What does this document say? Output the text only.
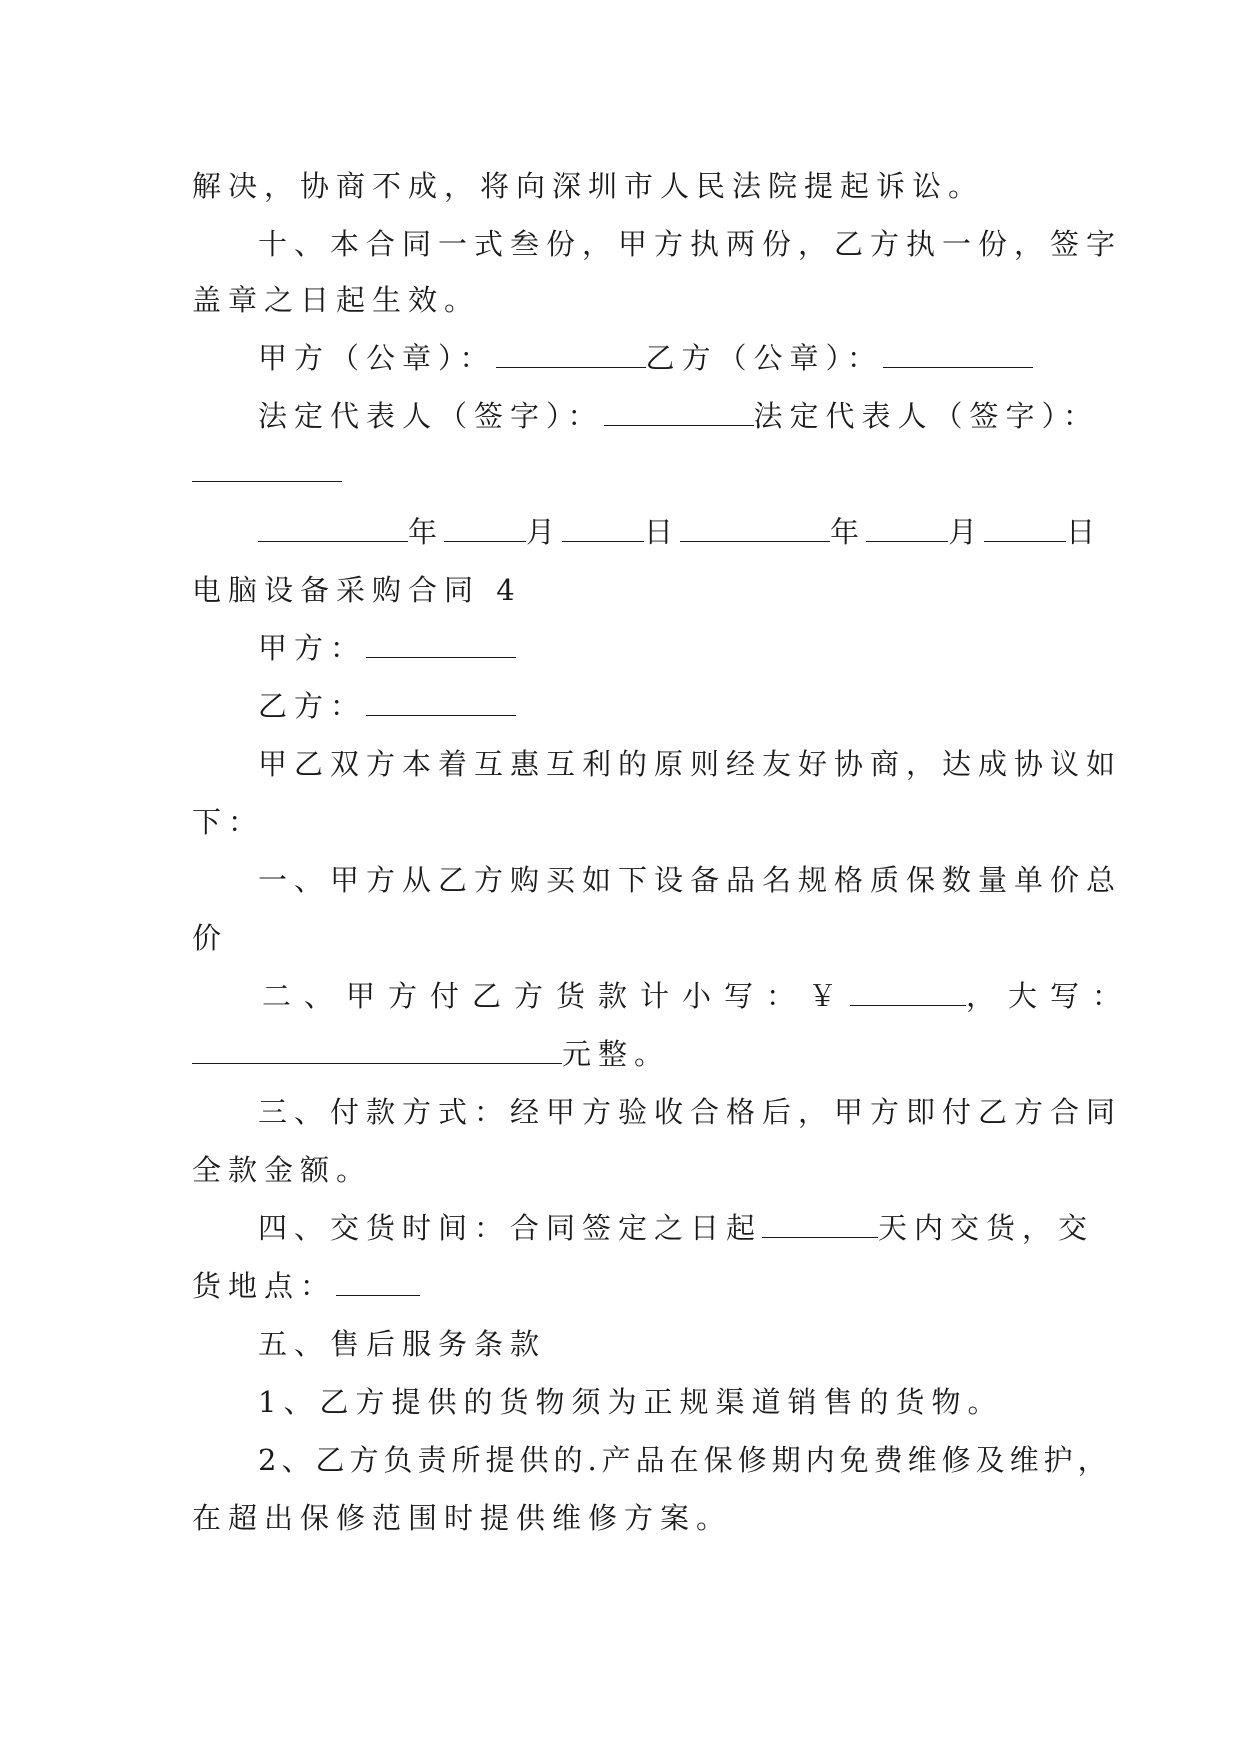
解决，协商不成，将向深圳市人民法院提起诉讼。
十、本合同一式叁份，甲方执两份，乙方执一份，签字
盖章之日起生效。
甲方（公章）：	乙方（公章）：
法定代表人（签字）：	法定代表人（签字）：
年	月	日	年	月	日
电脑设备采购合同 4
甲方：
乙方：
甲乙双方本着互惠互利的原则经友好协商，达成协议如
下：
一、甲方从乙方购买如下设备品名规格质保数量单价总
价
二、甲方付乙方货款计小写：￥	，大写：
元整。
三、付款方式：经甲方验收合格后，甲方即付乙方合同
全款金额。
四、交货时间：合同签定之日起	天内交货，交
货地点：
五、售后服务条款
1、乙方提供的货物须为正规渠道销售的货物。
2、乙方负责所提供的.产品在保修期内免费维修及维护，
在超出保修范围时提供维修方案。
